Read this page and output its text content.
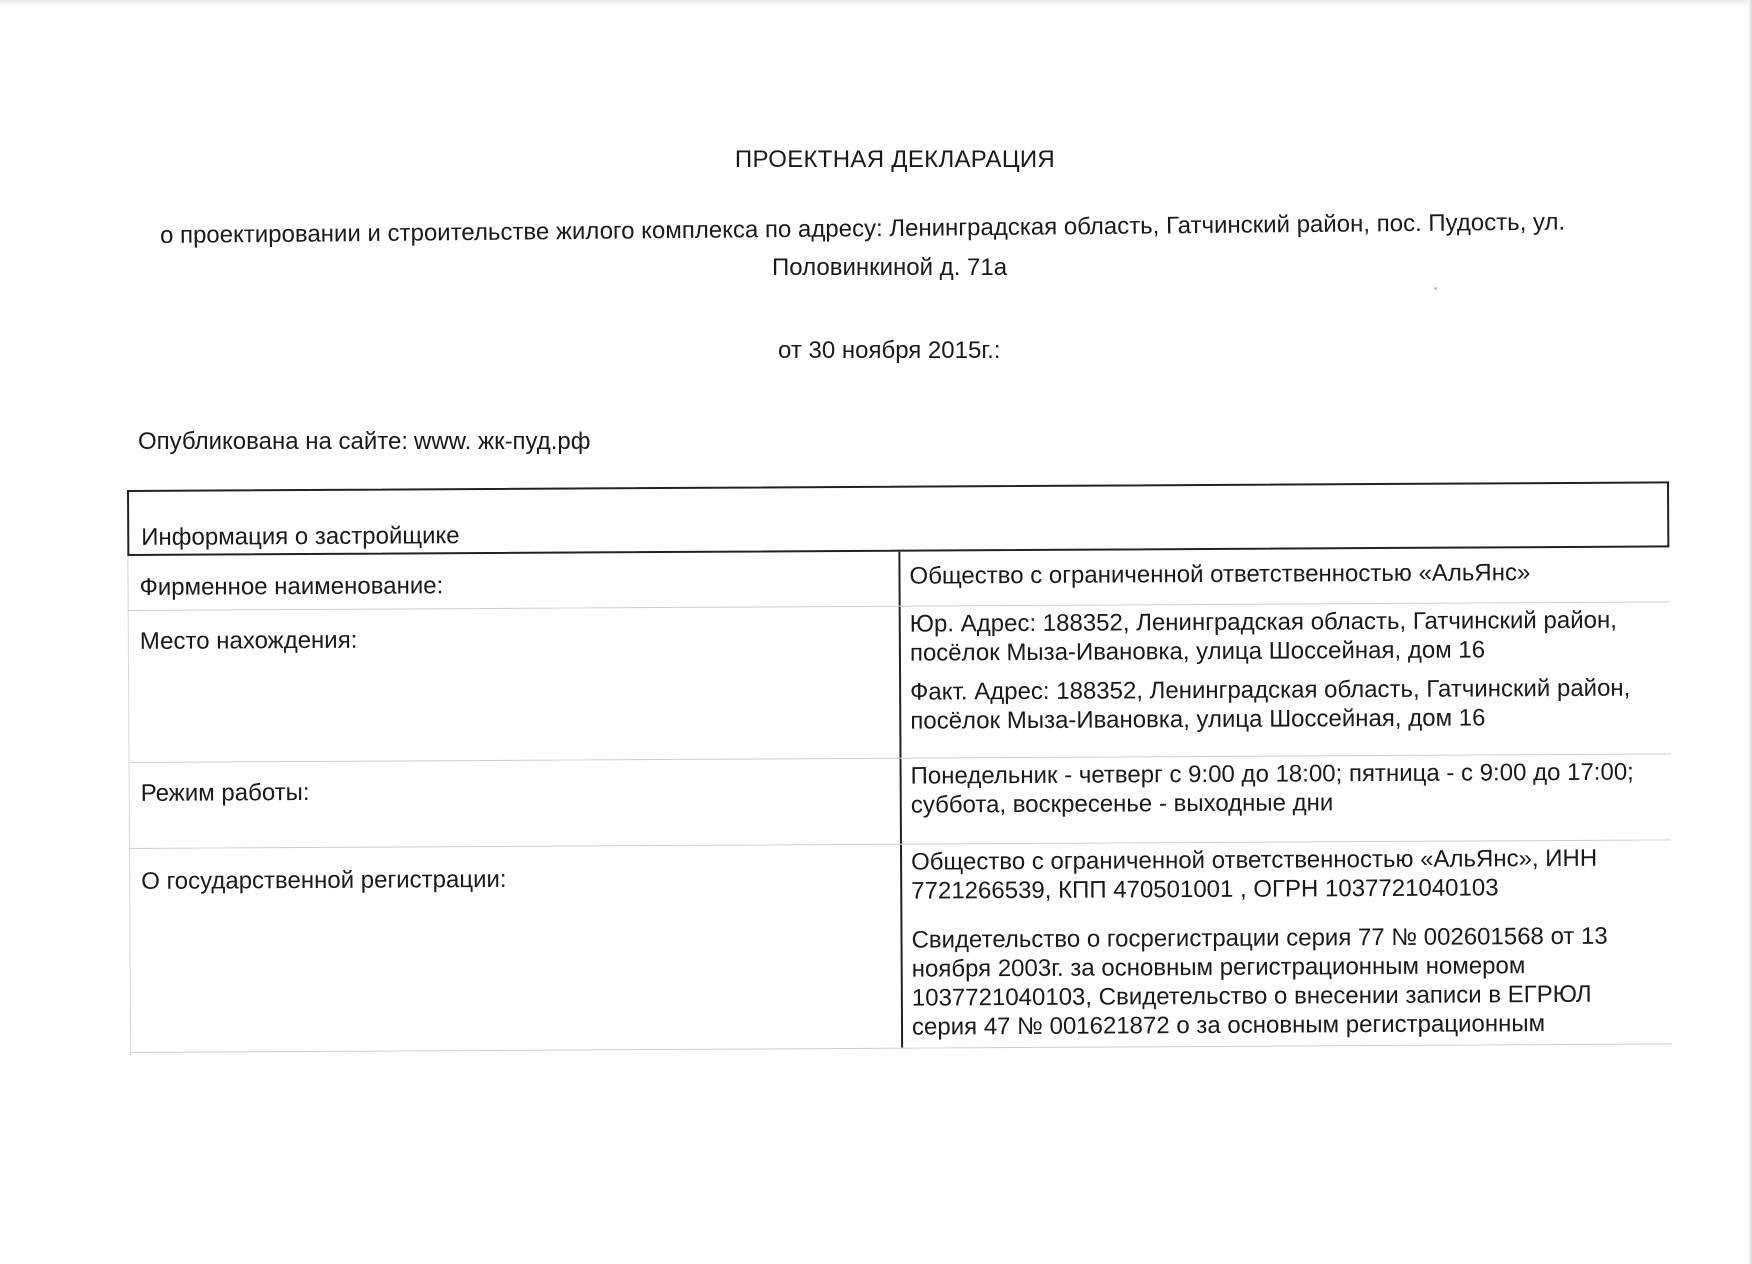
ПРОЕКТНАЯ ДЕКЛАРАЦИЯ
о проектировании и строительстве жилого комплекса по адресу: Ленинградская область, Гатчинский район, пос. Пудость, ул.
Половинкиной д. 71а
от 30 ноября 2015г.:
Опубликована на сайте: www. жк-пуд.рф
Информация о застройщике
Фирменное наименование:	Общество с ограниченной ответственностью «АльЯнс»
Место нахождения:
Юр. Адрес: 188352, Ленинградская область, Гатчинский район, посёлок Мыза-Ивановка, улица Шоссейная, дом 16
Факт. Адрес: 188352, Ленинградская область, Гатчинский район, посёлок Мыза-Ивановка, улица Шоссейная, дом 16
Режим работы:
Понедельник - четверг с 9:00 до 18:00; пятница - с 9:00 до 17:00; суббота, воскресенье - выходные дни
О государственной регистрации:
Общество с ограниченной ответственностью «АльЯнс», ИНН 7721266539, КПП 470501001 , ОГРН 1037721040103
Свидетельство о госрегистрации серия 77 № 002601568 от 13 ноября 2003г. за основным регистрационным номером 1037721040103, Свидетельство о внесении записи в ЕГРЮЛ серия 47 № 001621872 о за основным регистрационным
